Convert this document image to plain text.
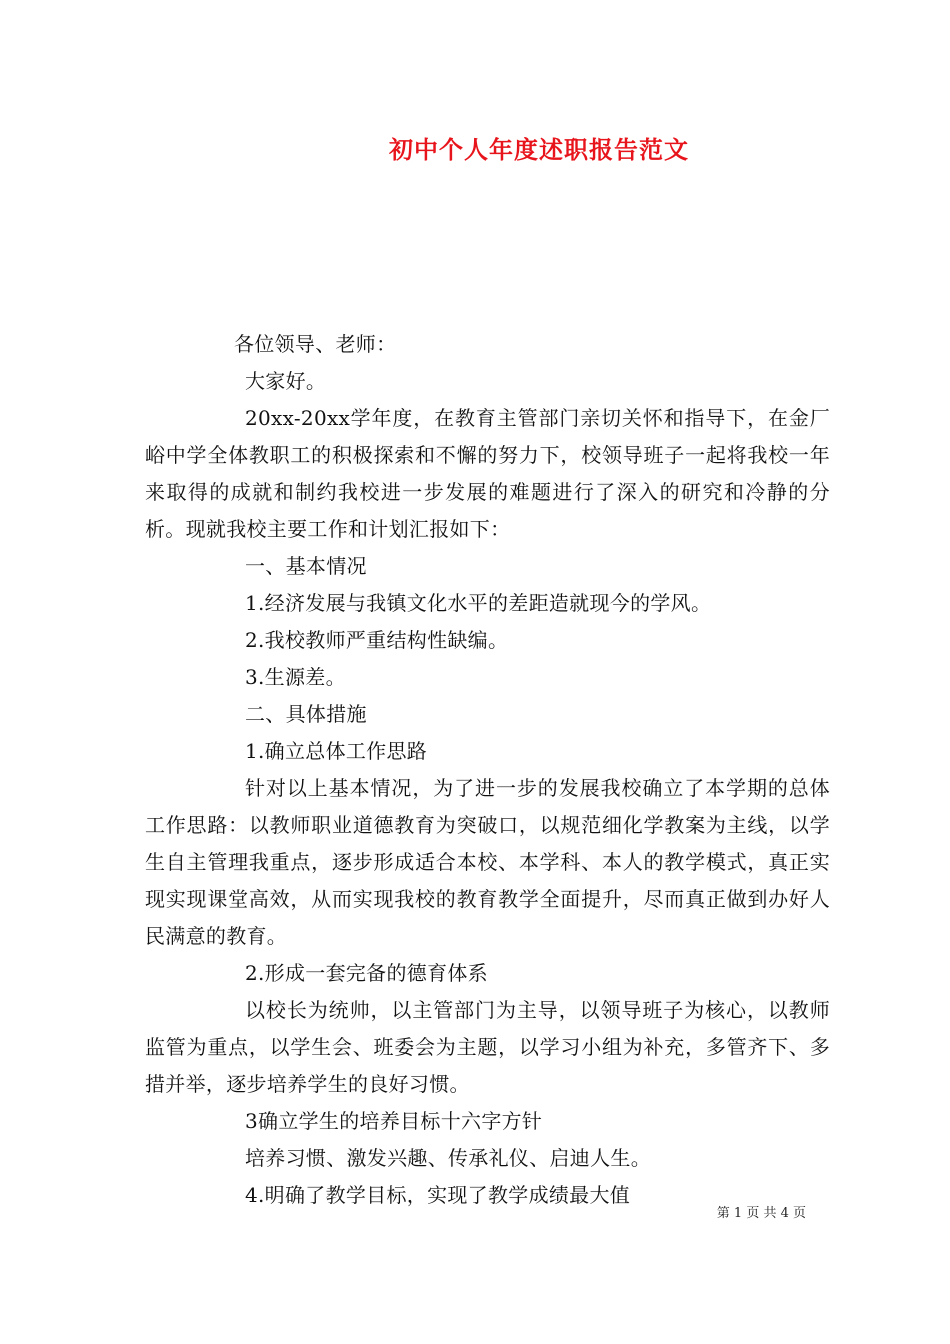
初中个人年度述职报告范文

各位领导、老师：

大家好。

20xx-20xx学年度，在教育主管部门亲切关怀和指导下，在金厂峪中学全体教职工的积极探索和不懈的努力下，校领导班子一起将我校一年来取得的成就和制约我校进一步发展的难题进行了深入的研究和冷静的分析。现就我校主要工作和计划汇报如下：

一、基本情况

1.经济发展与我镇文化水平的差距造就现今的学风。

2.我校教师严重结构性缺编。

3.生源差。

二、具体措施

1.确立总体工作思路

针对以上基本情况，为了进一步的发展我校确立了本学期的总体工作思路：以教师职业道德教育为突破口，以规范细化学教案为主线，以学生自主管理我重点，逐步形成适合本校、本学科、本人的教学模式，真正实现实现课堂高效，从而实现我校的教育教学全面提升，尽而真正做到办好人民满意的教育。

2.形成一套完备的德育体系

以校长为统帅，以主管部门为主导，以领导班子为核心，以教师监管为重点，以学生会、班委会为主题，以学习小组为补充，多管齐下、多措并举，逐步培养学生的良好习惯。

3确立学生的培养目标十六字方针

培养习惯、激发兴趣、传承礼仪、启迪人生。

4.明确了教学目标，实现了教学成绩最大值

第 1 页 共 4 页
